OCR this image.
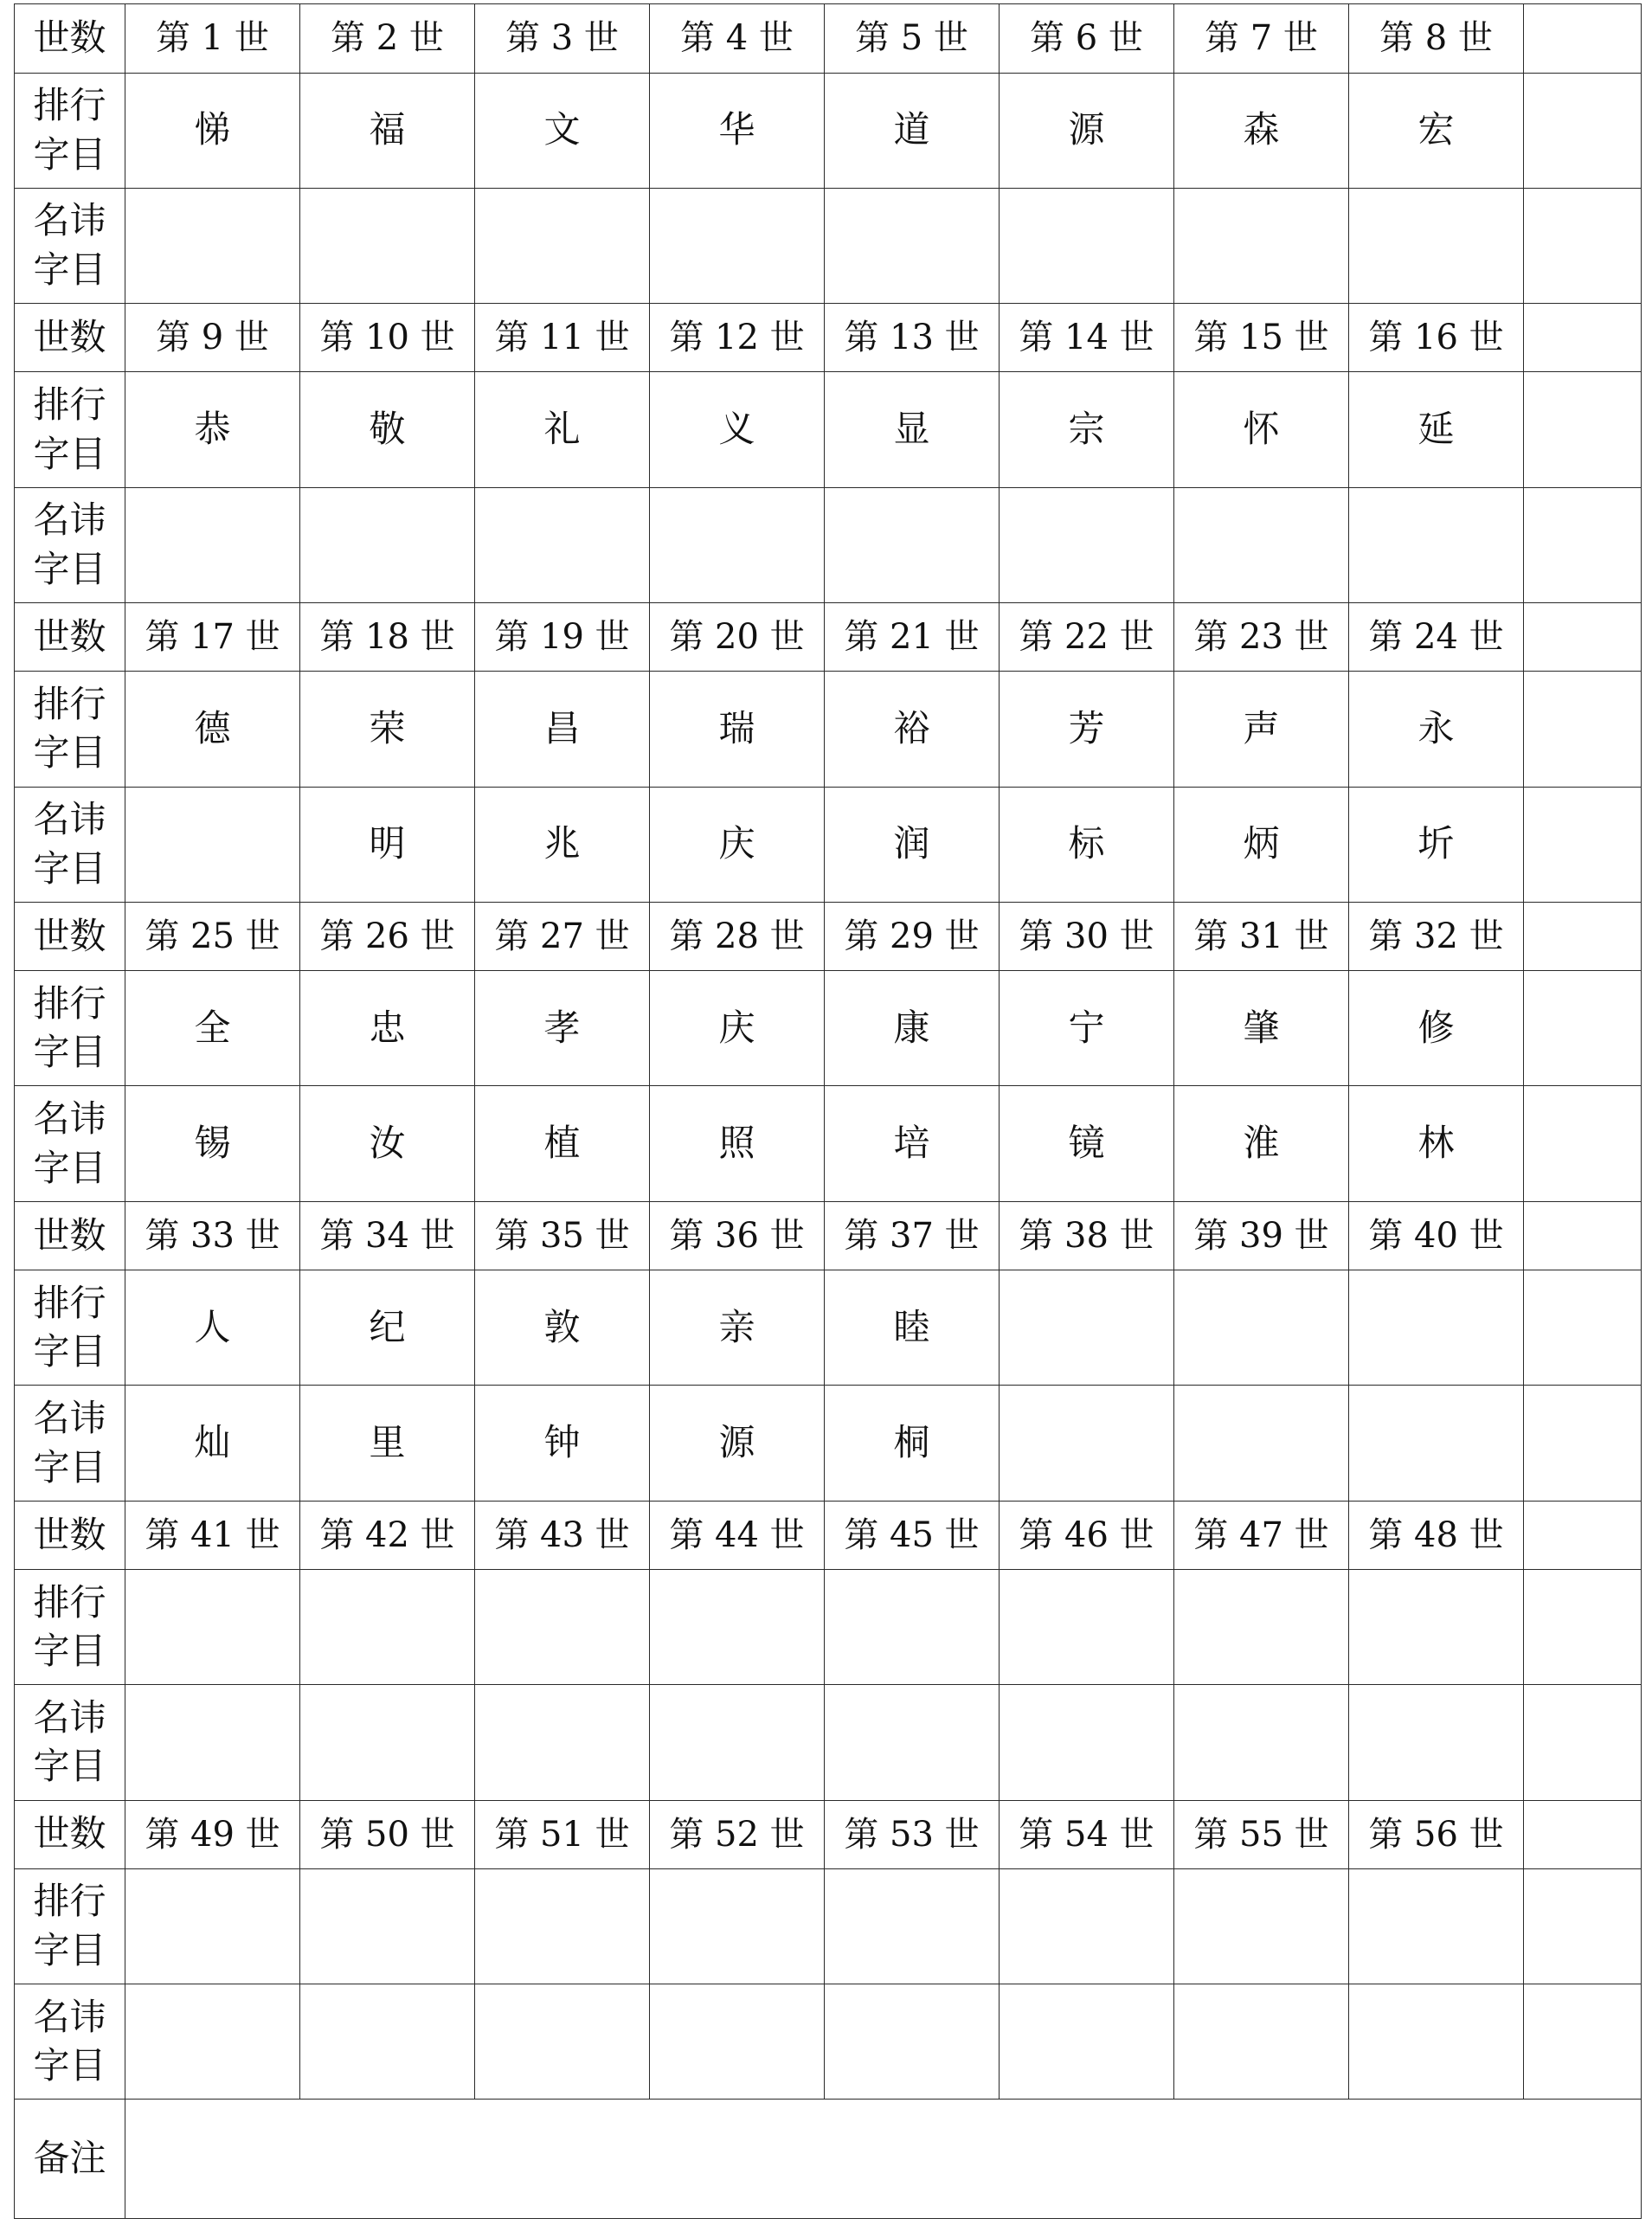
世数	第 1 世	第 2 世	第 3 世	第 4 世	第 5 世	第 6 世	第 7 世	第 8 世	

排行
字目	悌	福	文	华	道	源	森	宏	

名讳
字目									

世数	第 9 世	第 10 世	第 11 世	第 12 世	第 13 世	第 14 世	第 15 世	第 16 世	

排行
字目	恭	敬	礼	义	显	宗	怀	延	

名讳
字目									

世数	第 17 世	第 18 世	第 19 世	第 20 世	第 21 世	第 22 世	第 23 世	第 24 世	

排行
字目	德	荣	昌	瑞	裕	芳	声	永	

名讳
字目		明	兆	庆	润	标	炳	圻	
世数	第 25 世	第 26 世	第 27 世	第 28 世	第 29 世	第 30 世	第 31 世	第 32 世	

排行
字目	全	忠	孝	庆	康	宁	肇	修	

名讳
字目	锡	汝	植	照	培	镜	淮	林	
世数	第 33 世	第 34 世	第 35 世	第 36 世	第 37 世	第 38 世	第 39 世	第 40 世	

排行
字目	人	纪	敦	亲	睦				

名讳
字目	灿	里	钟	源	桐				
世数	第 41 世	第 42 世	第 43 世	第 44 世	第 45 世	第 46 世	第 47 世	第 48 世	

排行
字目									

名讳
字目									

世数	第 49 世	第 50 世	第 51 世	第 52 世	第 53 世	第 54 世	第 55 世	第 56 世	

排行
字目									

名讳
字目									

备注									
